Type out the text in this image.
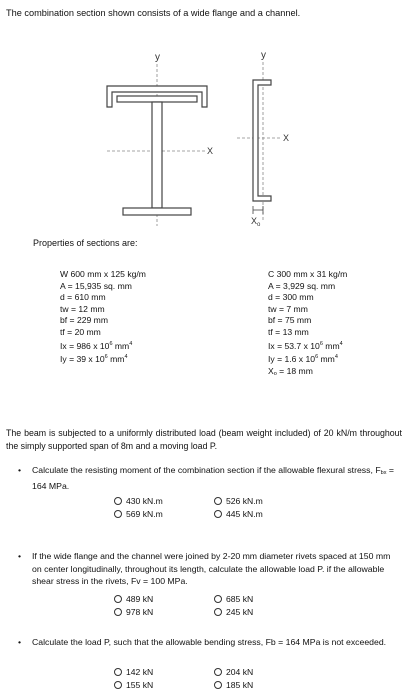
The combination section shown consists of a wide flange and a channel.
y	y
X
X
$X_o$
Properties of sections are:
W 600 mm x 125 kg/m
A = 15,935 sq. mm
d = 610 mm
tw = 12 mm
bf = 229 mm
tf = 20 mm
Ix = 986 x $10^6$ $mm^4$
Iy = 39 x $10^6$ $mm^4$
C 300 mm x 31 kg/m
A = 3,929 sq. mm
d = 300 mm
tw = 7 mm
bf = 75 mm
tf = 13 mm
Ix = 53.7 x $10^6$ $mm^4$
Iy = 1.6 x $10^6$ $mm^4$
$X_o = 18$ mm
The beam is subjected to a uniformly distributed load (beam weight included) of 20 kN/m throughout the simply supported span of 8m and a moving load P.
• Calculate the resisting moment of the combination section if the allowable flexural stress, $F_{bx} = 164$ MPa.
430 kN.m	526 kN.m
569 kN.m	445 kN.m
• If the wide flange and the channel were joined by 2-20 mm diameter rivets spaced at 150 mm on center longitudinally, throughout its length, calculate the allowable load P. if the allowable shear stress in the rivets, Fv = 100 MPa.
489 kN	685 kN
978 kN	245 kN
• Calculate the load P, such that the allowable bending stress, Fb = 164 MPa is not exceeded.
142 kN	204 kN
155 kN	185 kN
